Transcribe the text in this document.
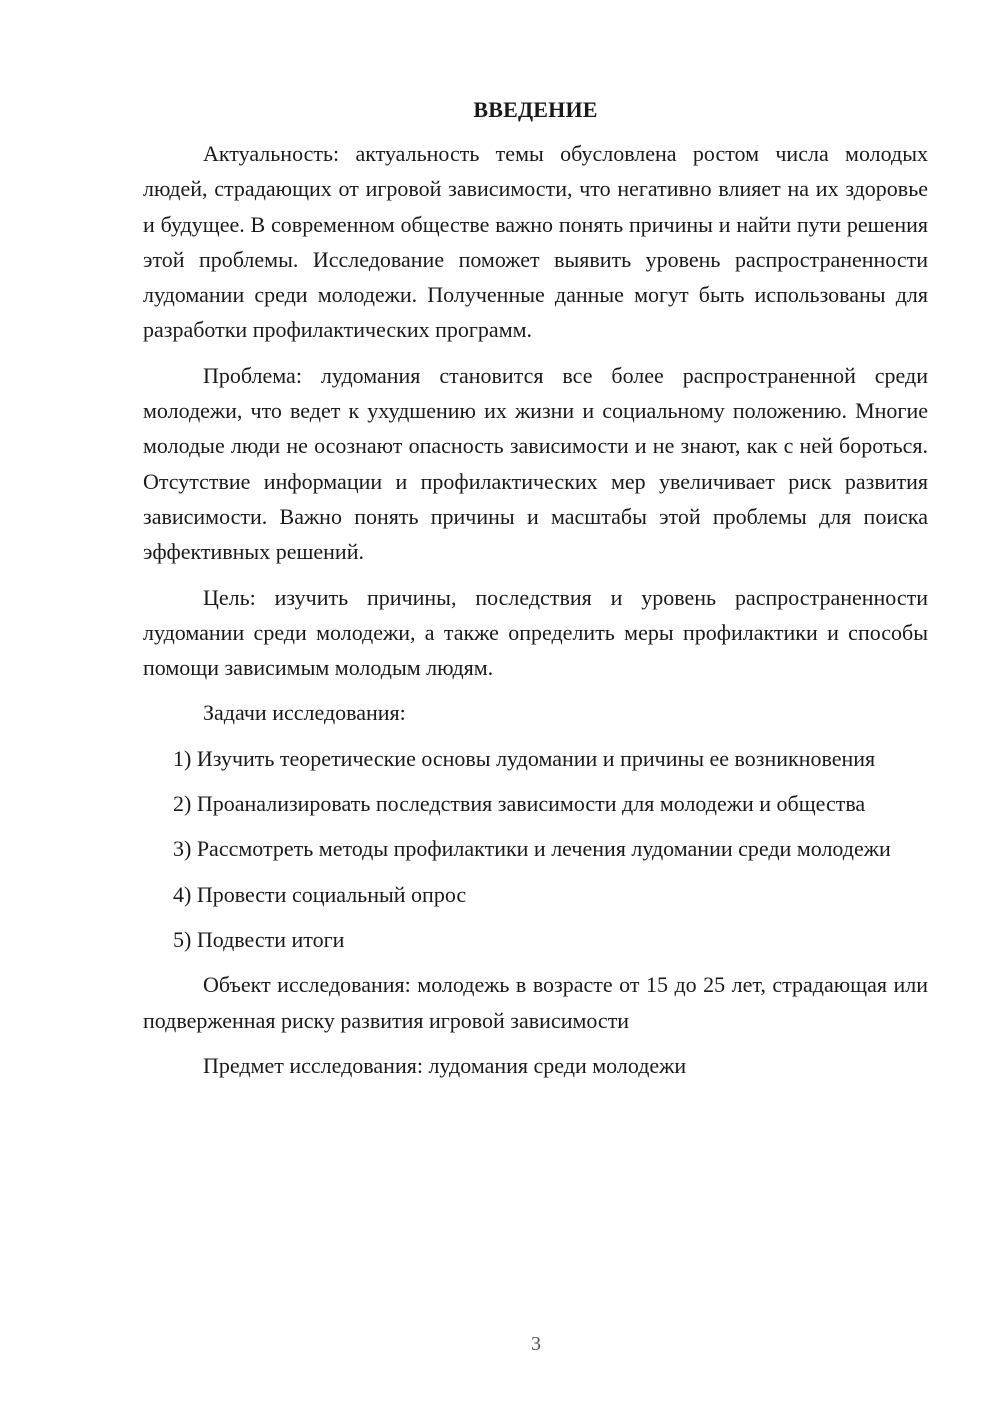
ВВЕДЕНИЕ

Актуальность: актуальность темы обусловлена ростом числа молодых людей, страдающих от игровой зависимости, что негативно влияет на их здоровье и будущее. В современном обществе важно понять причины и найти пути решения этой проблемы. Исследование поможет выявить уровень распространенности лудомании среди молодежи. Полученные данные могут быть использованы для разработки профилактических программ.

Проблема: лудомания становится все более распространенной среди молодежи, что ведет к ухудшению их жизни и социальному положению. Многие молодые люди не осознают опасность зависимости и не знают, как с ней бороться. Отсутствие информации и профилактических мер увеличивает риск развития зависимости. Важно понять причины и масштабы этой проблемы для поиска эффективных решений.

Цель: изучить причины, последствия и уровень распространенности лудомании среди молодежи, а также определить меры профилактики и способы помощи зависимым молодым людям.

Задачи исследования:

1) Изучить теоретические основы лудомании и причины ее возникновения

2) Проанализировать последствия зависимости для молодежи и общества

3) Рассмотреть методы профилактики и лечения лудомании среди молодежи

4) Провести социальный опрос

5) Подвести итоги

Объект исследования: молодежь в возрасте от 15 до 25 лет, страдающая или подверженная риску развития игровой зависимости

Предмет исследования: лудомания среди молодежи

3
